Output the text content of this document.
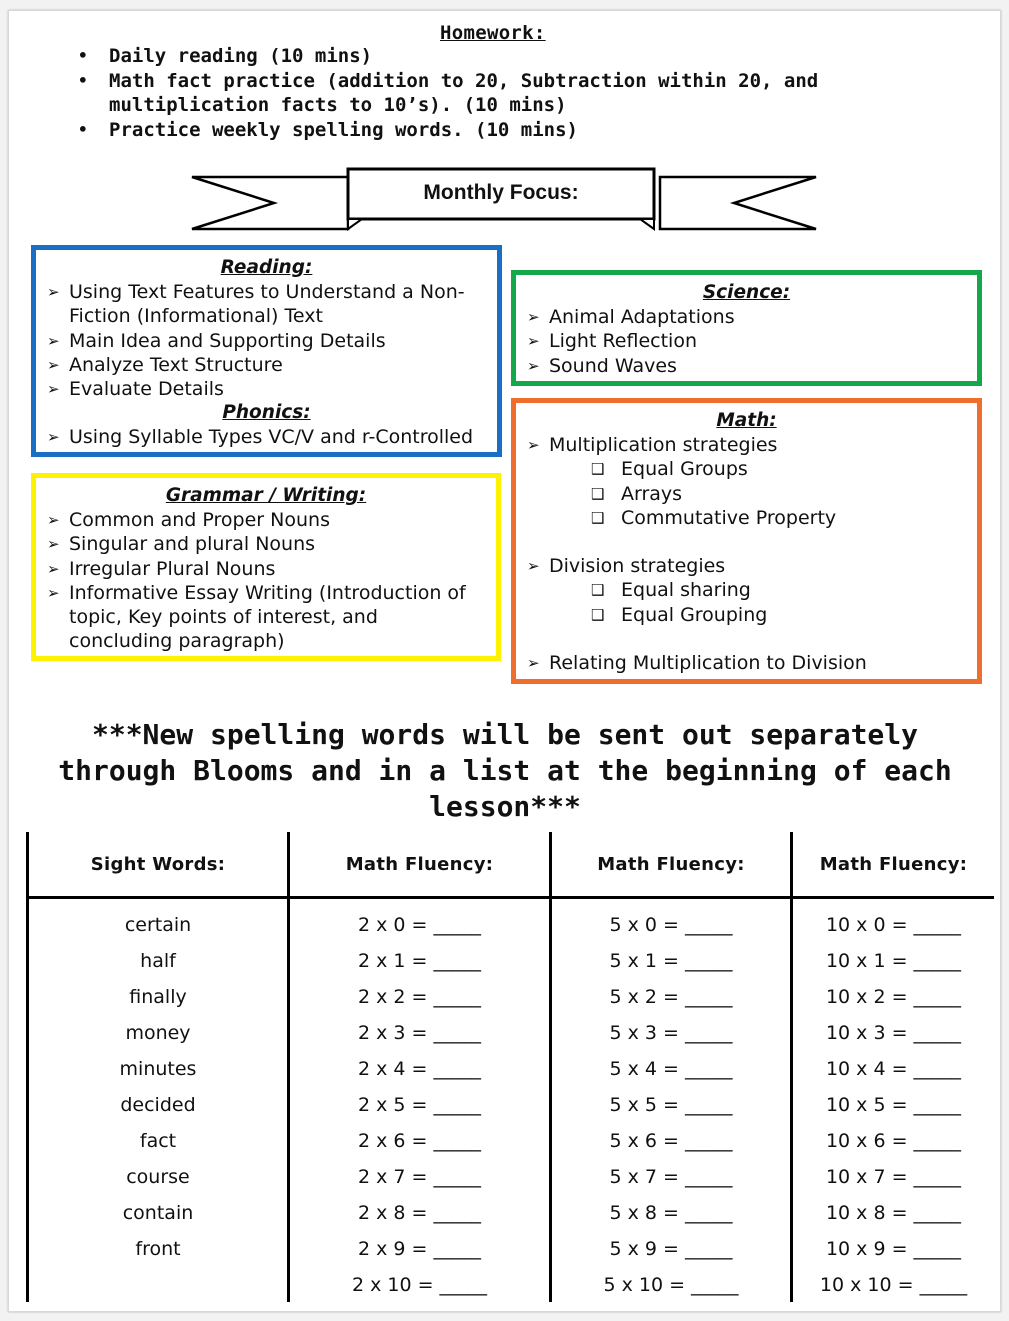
Homework:
• Daily reading (10 mins)
• Math fact practice (addition to 20, Subtraction within 20, and multiplication facts to 10’s). (10 mins)
• Practice weekly spelling words. (10 mins)
Monthly Focus:
Reading:
➢ Using Text Features to Understand a Non-Fiction (Informational) Text
➢ Main Idea and Supporting Details
➢ Analyze Text Structure
➢ Evaluate Details
Phonics:
➢ Using Syllable Types VC/V and r-Controlled
Grammar / Writing:
➢ Common and Proper Nouns
➢ Singular and plural Nouns
➢ Irregular Plural Nouns
➢ Informative Essay Writing (Introduction of topic, Key points of interest, and concluding paragraph)
Science:
➢ Animal Adaptations
➢ Light Reflection
➢ Sound Waves
Math:
➢ Multiplication strategies
❑ Equal Groups
❑ Arrays
❑ Commutative Property
➢ Division strategies
❑ Equal sharing
❑ Equal Grouping
➢ Relating Multiplication to Division
***New spelling words will be sent out separately through Blooms and in a list at the beginning of each lesson***
Sight Words:
certain
half
finally
money
minutes
decided
fact
course
contain
front
Math Fluency:
2 x 0 = _____
2 x 1 = _____
2 x 2 = _____
2 x 3 = _____
2 x 4 = _____
2 x 5 = _____
2 x 6 = _____
2 x 7 = _____
2 x 8 = _____
2 x 9 = _____
2 x 10 = _____
Math Fluency:
5 x 0 = _____
5 x 1 = _____
5 x 2 = _____
5 x 3 = _____
5 x 4 = _____
5 x 5 = _____
5 x 6 = _____
5 x 7 = _____
5 x 8 = _____
5 x 9 = _____
5 x 10 = _____
Math Fluency:
10 x 0 = _____
10 x 1 = _____
10 x 2 = _____
10 x 3 = _____
10 x 4 = _____
10 x 5 = _____
10 x 6 = _____
10 x 7 = _____
10 x 8 = _____
10 x 9 = _____
10 x 10 = _____
